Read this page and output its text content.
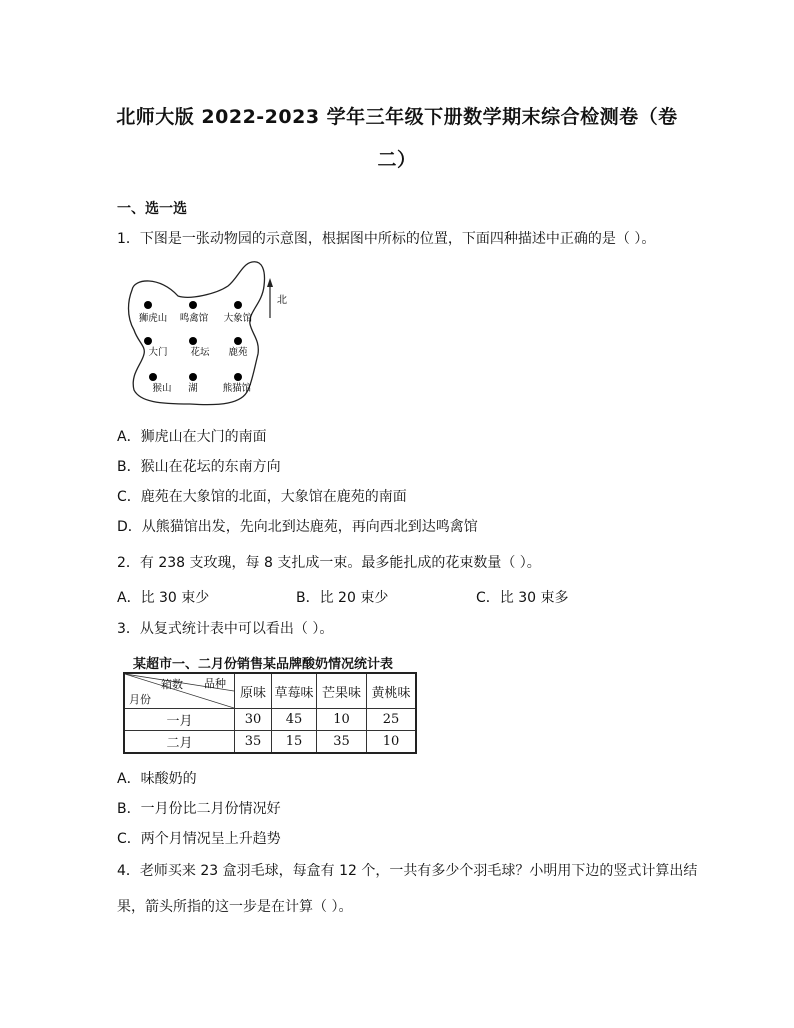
北师大版 2022-2023 学年三年级下册数学期末综合检测卷（卷
二）
一、选一选
1．下图是一张动物园的示意图，根据图中所标的位置，下面四种描述中正确的是（ ）。
北
狮虎山 鸣禽馆 大象馆
大门 花坛 鹿苑
猴山 湖	熊猫馆
A．狮虎山在大门的南面
B．猴山在花坛的东南方向
C．鹿苑在大象馆的北面，大象馆在鹿苑的南面
D．从熊猫馆出发，先向北到达鹿苑，再向西北到达鸣禽馆
2．有 238 支玫瑰，每 8 支扎成一束。最多能扎成的花束数量（ ）。
A．比 30 束少	B．比 20 束少	C．比 30 束多
3．从复式统计表中可以看出（ ）。
某超市一、二月份销售某品牌酸奶情况统计表
品种
箱数
月份	原味	草莓味	芒果味	黄桃味
一月	30	45	10	25
二月	35	15	35	10
A．味酸奶的
B．一月份比二月份情况好
C．两个月情况呈上升趋势
4．老师买来 23 盒羽毛球，每盒有 12 个，一共有多少个羽毛球？小明用下边的竖式计算出结
果，箭头所指的这一步是在计算（ ）。
